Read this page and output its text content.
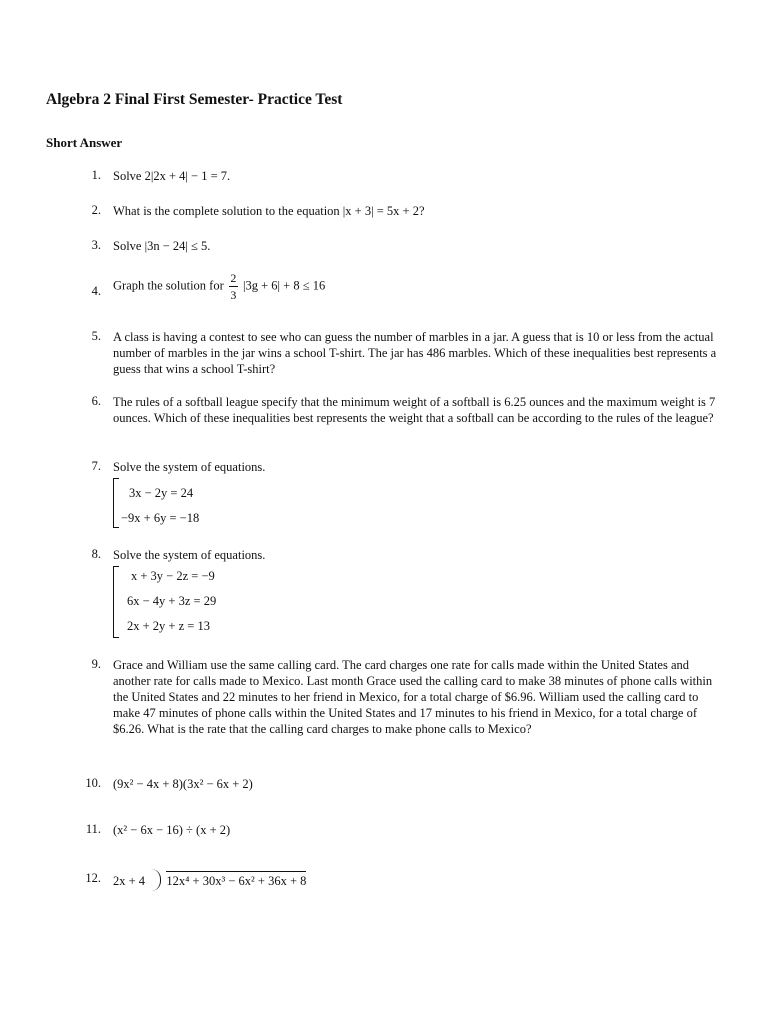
Algebra 2 Final First Semester- Practice Test
Short Answer
1. Solve 2|2x + 4| − 1 = 7.
2. What is the complete solution to the equation |x + 3| = 5x + 2?
3. Solve |3n − 24| ≤ 5.
4. Graph the solution for $\frac{2}{3} |3g + 6| + 8 \le 16$
5. A class is having a contest to see who can guess the number of marbles in a jar. A guess that is 10 or less from the actual number of marbles in the jar wins a school T-shirt. The jar has 486 marbles. Which of these inequalities best represents a guess that wins a school T-shirt?
6. The rules of a softball league specify that the minimum weight of a softball is 6.25 ounces and the maximum weight is 7 ounces. Which of these inequalities best represents the weight that a softball can be according to the rules of the league?
7. Solve the system of equations.
3x − 2y = 24
−9x + 6y = −18
8. Solve the system of equations.
x + 3y − 2z = −9
6x − 4y + 3z = 29
2x + 2y + z = 13
9. Grace and William use the same calling card. The card charges one rate for calls made within the United States and another rate for calls made to Mexico. Last month Grace used the calling card to make 38 minutes of phone calls within the United States and 22 minutes to her friend in Mexico, for a total charge of $6.96. William used the calling card to make 47 minutes of phone calls within the United States and 17 minutes to his friend in Mexico, for a total charge of $6.26. What is the rate that the calling card charges to make phone calls to Mexico?
10. (9x² − 4x + 8)(3x² − 6x + 2)
11. (x² − 6x − 16) ÷ (x + 2)
12. 2x + 4 12x⁴ + 30x³ − 6x² + 36x + 8
